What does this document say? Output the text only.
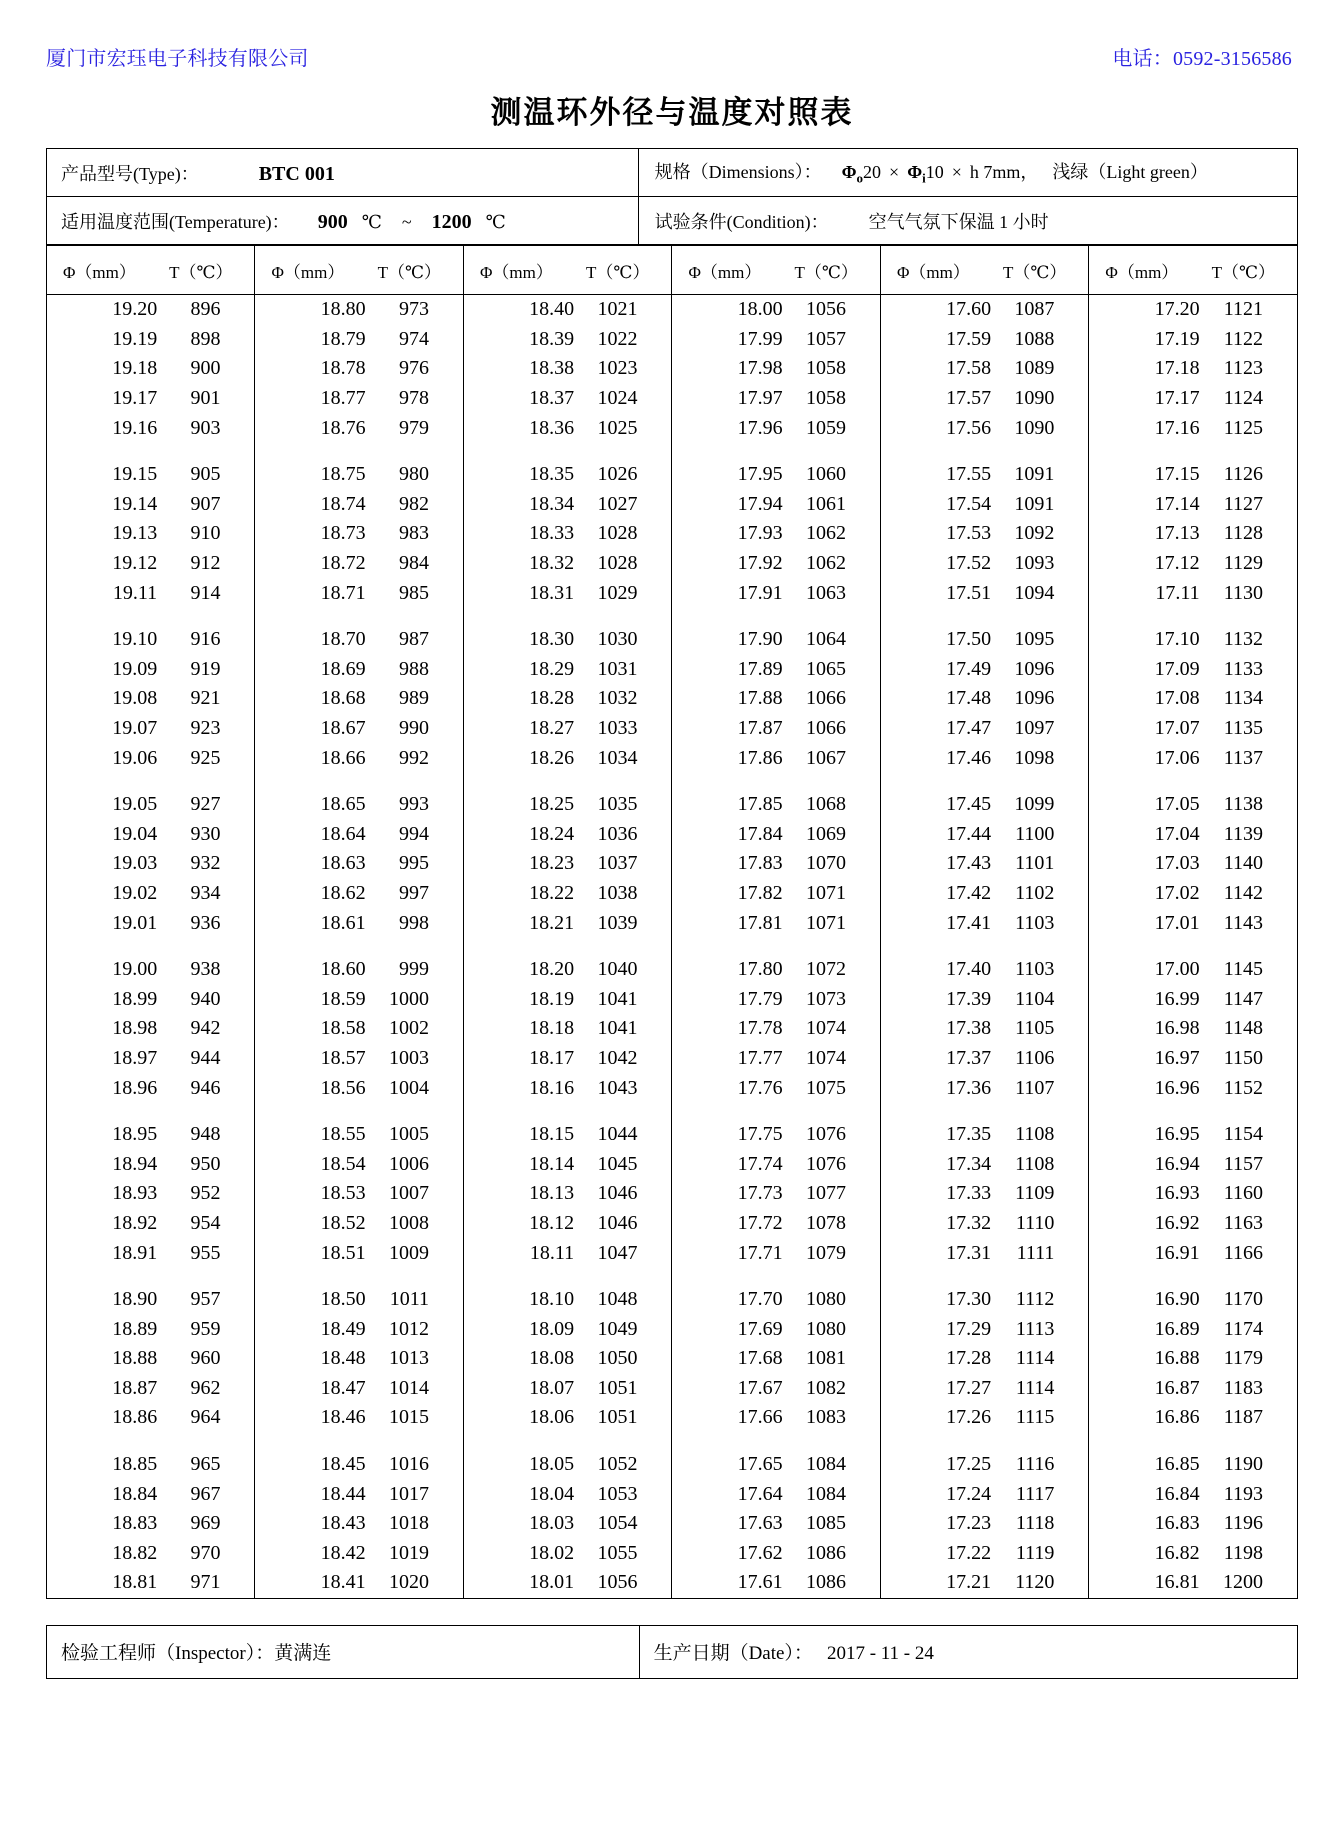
厦门市宏珏电子科技有限公司	电话：0592-3156586
测温环外径与温度对照表
产品型号(Type)： BTC 001	规格（Dimensions）： $\Phi_o20 \times \Phi_i10 \times h$ 7mm， 浅绿（Light green）
适用温度范围(Temperature)： 900 ℃ ~ 1200 ℃	试验条件(Condition)： 空气气氛下保温 1 小时
Φ（mm）	T（℃）	Φ（mm）	T（℃）	Φ（mm）	T（℃）	Φ（mm）	T（℃）	Φ（mm）	T（℃）	Φ（mm）	T（℃）
19.20	896	18.80	973	18.40	1021	18.00	1056	17.60	1087	17.20	1121
19.19	898	18.79	974	18.39	1022	17.99	1057	17.59	1088	17.19	1122
19.18	900	18.78	976	18.38	1023	17.98	1058	17.58	1089	17.18	1123
19.17	901	18.77	978	18.37	1024	17.97	1058	17.57	1090	17.17	1124
19.16	903	18.76	979	18.36	1025	17.96	1059	17.56	1090	17.16	1125

19.15	905	18.75	980	18.35	1026	17.95	1060	17.55	1091	17.15	1126
19.14	907	18.74	982	18.34	1027	17.94	1061	17.54	1091	17.14	1127
19.13	910	18.73	983	18.33	1028	17.93	1062	17.53	1092	17.13	1128
19.12	912	18.72	984	18.32	1028	17.92	1062	17.52	1093	17.12	1129
19.11	914	18.71	985	18.31	1029	17.91	1063	17.51	1094	17.11	1130

19.10	916	18.70	987	18.30	1030	17.90	1064	17.50	1095	17.10	1132
19.09	919	18.69	988	18.29	1031	17.89	1065	17.49	1096	17.09	1133
19.08	921	18.68	989	18.28	1032	17.88	1066	17.48	1096	17.08	1134
19.07	923	18.67	990	18.27	1033	17.87	1066	17.47	1097	17.07	1135
19.06	925	18.66	992	18.26	1034	17.86	1067	17.46	1098	17.06	1137

19.05	927	18.65	993	18.25	1035	17.85	1068	17.45	1099	17.05	1138
19.04	930	18.64	994	18.24	1036	17.84	1069	17.44	1100	17.04	1139
19.03	932	18.63	995	18.23	1037	17.83	1070	17.43	1101	17.03	1140
19.02	934	18.62	997	18.22	1038	17.82	1071	17.42	1102	17.02	1142
19.01	936	18.61	998	18.21	1039	17.81	1071	17.41	1103	17.01	1143

19.00	938	18.60	999	18.20	1040	17.80	1072	17.40	1103	17.00	1145
18.99	940	18.59	1000	18.19	1041	17.79	1073	17.39	1104	16.99	1147
18.98	942	18.58	1002	18.18	1041	17.78	1074	17.38	1105	16.98	1148
18.97	944	18.57	1003	18.17	1042	17.77	1074	17.37	1106	16.97	1150
18.96	946	18.56	1004	18.16	1043	17.76	1075	17.36	1107	16.96	1152

18.95	948	18.55	1005	18.15	1044	17.75	1076	17.35	1108	16.95	1154
18.94	950	18.54	1006	18.14	1045	17.74	1076	17.34	1108	16.94	1157
18.93	952	18.53	1007	18.13	1046	17.73	1077	17.33	1109	16.93	1160
18.92	954	18.52	1008	18.12	1046	17.72	1078	17.32	1110	16.92	1163
18.91	955	18.51	1009	18.11	1047	17.71	1079	17.31	1111	16.91	1166

18.90	957	18.50	1011	18.10	1048	17.70	1080	17.30	1112	16.90	1170
18.89	959	18.49	1012	18.09	1049	17.69	1080	17.29	1113	16.89	1174
18.88	960	18.48	1013	18.08	1050	17.68	1081	17.28	1114	16.88	1179
18.87	962	18.47	1014	18.07	1051	17.67	1082	17.27	1114	16.87	1183
18.86	964	18.46	1015	18.06	1051	17.66	1083	17.26	1115	16.86	1187

18.85	965	18.45	1016	18.05	1052	17.65	1084	17.25	1116	16.85	1190
18.84	967	18.44	1017	18.04	1053	17.64	1084	17.24	1117	16.84	1193
18.83	969	18.43	1018	18.03	1054	17.63	1085	17.23	1118	16.83	1196
18.82	970	18.42	1019	18.02	1055	17.62	1086	17.22	1119	16.82	1198
18.81	971	18.41	1020	18.01	1056	17.61	1086	17.21	1120	16.81	1200
检验工程师（Inspector）：黄满连	生产日期（Date）： 2017 - 11 - 24
